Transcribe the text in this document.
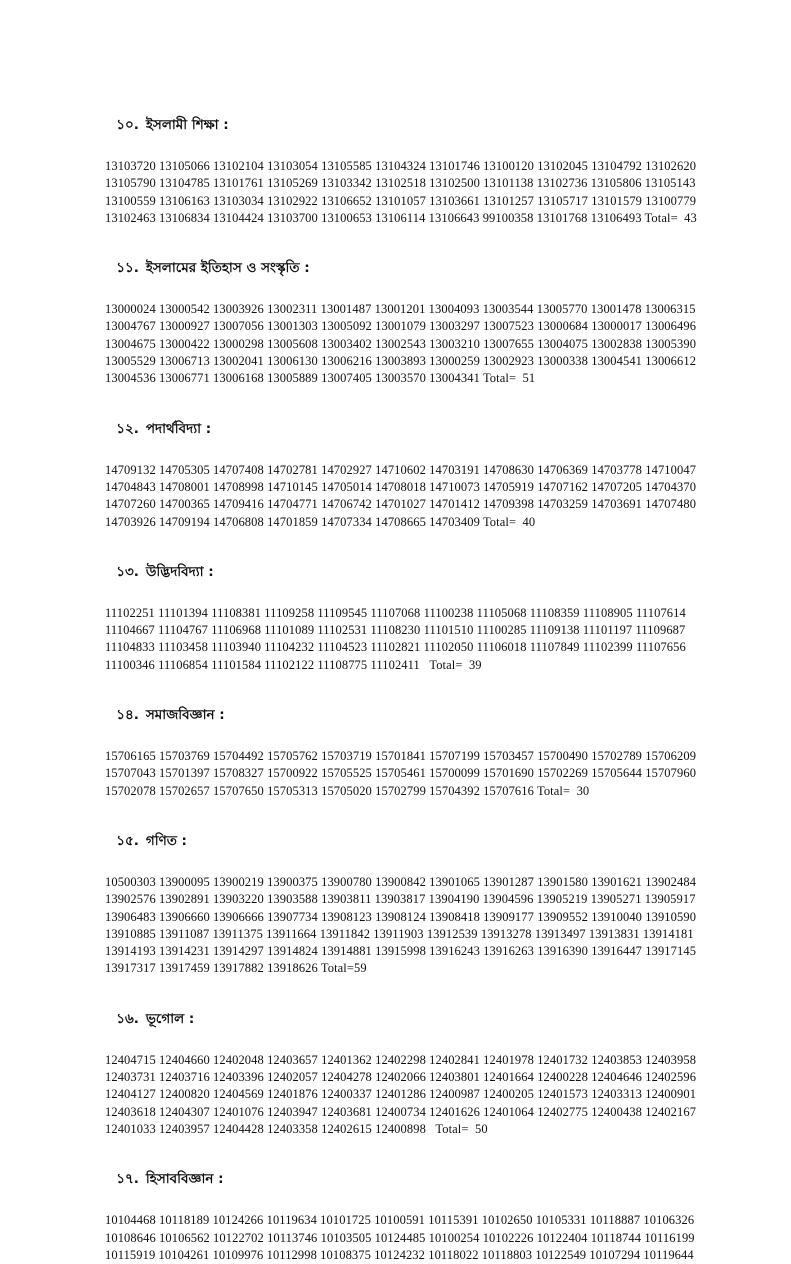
১০. ইসলামী শিক্ষা :

13103720 13105066 13102104 13103054 13105585 13104324 13101746 13100120 13102045 13104792 13102620
13105790 13104785 13101761 13105269 13103342 13102518 13102500 13101138 13102736 13105806 13105143
13100559 13106163 13103034 13102922 13106652 13101057 13103661 13101257 13105717 13101579 13100779
13102463 13106834 13104424 13103700 13100653 13106114 13106643 99100358 13101768 13106493 Total=  43

১১. ইসলামের ইতিহাস ও সংস্কৃতি :

13000024 13000542 13003926 13002311 13001487 13001201 13004093 13003544 13005770 13001478 13006315
13004767 13000927 13007056 13001303 13005092 13001079 13003297 13007523 13000684 13000017 13006496
13004675 13000422 13000298 13005608 13003402 13002543 13003210 13007655 13004075 13002838 13005390
13005529 13006713 13002041 13006130 13006216 13003893 13000259 13002923 13000338 13004541 13006612
13004536 13006771 13006168 13005889 13007405 13003570 13004341 Total=  51

১২. পদার্থবিদ্যা :

14709132 14705305 14707408 14702781 14702927 14710602 14703191 14708630 14706369 14703778 14710047
14704843 14708001 14708998 14710145 14705014 14708018 14710073 14705919 14707162 14707205 14704370
14707260 14700365 14709416 14704771 14706742 14701027 14701412 14709398 14703259 14703691 14707480
14703926 14709194 14706808 14701859 14707334 14708665 14703409 Total=  40

১৩. উদ্ভিদবিদ্যা :

11102251 11101394 11108381 11109258 11109545 11107068 11100238 11105068 11108359 11108905 11107614
11104667 11104767 11106968 11101089 11102531 11108230 11101510 11100285 11109138 11101197 11109687
11104833 11103458 11103940 11104232 11104523 11102821 11102050 11106018 11107849 11102399 11107656
11100346 11106854 11101584 11102122 11108775 11102411   Total=  39

১৪. সমাজবিজ্ঞান :

15706165 15703769 15704492 15705762 15703719 15701841 15707199 15703457 15700490 15702789 15706209
15707043 15701397 15708327 15700922 15705525 15705461 15700099 15701690 15702269 15705644 15707960
15702078 15702657 15707650 15705313 15705020 15702799 15704392 15707616 Total=  30

১৫. গণিত :

10500303 13900095 13900219 13900375 13900780 13900842 13901065 13901287 13901580 13901621 13902484
13902576 13902891 13903220 13903588 13903811 13903817 13904190 13904596 13905219 13905271 13905917
13906483 13906660 13906666 13907734 13908123 13908124 13908418 13909177 13909552 13910040 13910590
13910885 13911087 13911375 13911664 13911842 13911903 13912539 13913278 13913497 13913831 13914181
13914193 13914231 13914297 13914824 13914881 13915998 13916243 13916263 13916390 13916447 13917145
13917317 13917459 13917882 13918626 Total=59

১৬. ভূগোল :

12404715 12404660 12402048 12403657 12401362 12402298 12402841 12401978 12401732 12403853 12403958
12403731 12403716 12403396 12402057 12404278 12402066 12403801 12401664 12400228 12404646 12402596
12404127 12400820 12404569 12401876 12400337 12401286 12400987 12400205 12401573 12403313 12400901
12403618 12404307 12401076 12403947 12403681 12400734 12401626 12401064 12402775 12400438 12402167
12401033 12403957 12404428 12403358 12402615 12400898   Total=  50

১৭. হিসাববিজ্ঞান :

10104468 10118189 10124266 10119634 10101725 10100591 10115391 10102650 10105331 10118887 10106326
10108646 10106562 10122702 10113746 10103505 10124485 10100254 10102226 10122404 10118744 10116199
10115919 10104261 10109976 10112998 10108375 10124232 10118022 10118803 10122549 10107294 10119644
